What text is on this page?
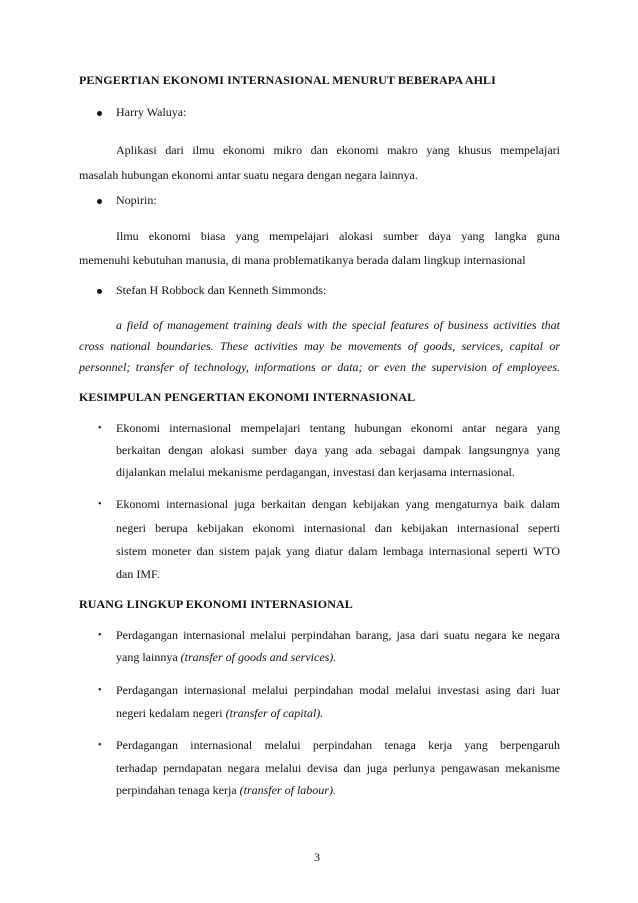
PENGERTIAN EKONOMI INTERNASIONAL MENURUT BEBERAPA AHLI
Harry Waluya:
Aplikasi dari ilmu ekonomi mikro dan ekonomi makro yang khusus mempelajari
masalah hubungan ekonomi antar suatu negara dengan negara lainnya.
Nopirin:
Ilmu ekonomi biasa yang mempelajari alokasi sumber daya yang langka guna
memenuhi kebutuhan manusia, di mana problematikanya berada dalam lingkup internasional
Stefan H Robbock dan Kenneth Simmonds:
a field of management training deals with the special features of business activities that
cross national boundaries. These activities may be movements of goods, services, capital or
personnel; transfer of technology, informations or data; or even the supervision of employees.
KESIMPULAN PENGERTIAN EKONOMI INTERNASIONAL
• Ekonomi internasional mempelajari tentang hubungan ekonomi antar negara yang
berkaitan dengan alokasi sumber daya yang ada sebagai dampak langsungnya yang
dijalankan melalui mekanisme perdagangan, investasi dan kerjasama internasional.
• Ekonomi internasional juga berkaitan dengan kebijakan yang mengaturnya baik dalam
negeri berupa kebijakan ekonomi internasional dan kebijakan internasional seperti
sistem moneter dan sistem pajak yang diatur dalam lembaga internasional seperti WTO
dan IMF.
RUANG LINGKUP EKONOMI INTERNASIONAL
• Perdagangan internasional melalui perpindahan barang, jasa dari suatu negara ke negara
yang lainnya (transfer of goods and services).
• Perdagangan internasional melalui perpindahan modal melalui investasi asing dari luar
negeri kedalam negeri (transfer of capital).
• Perdagangan internasional melalui perpindahan tenaga kerja yang berpengaruh
terhadap perndapatan negara melalui devisa dan juga perlunya pengawasan mekanisme
perpindahan tenaga kerja (transfer of labour).
3
